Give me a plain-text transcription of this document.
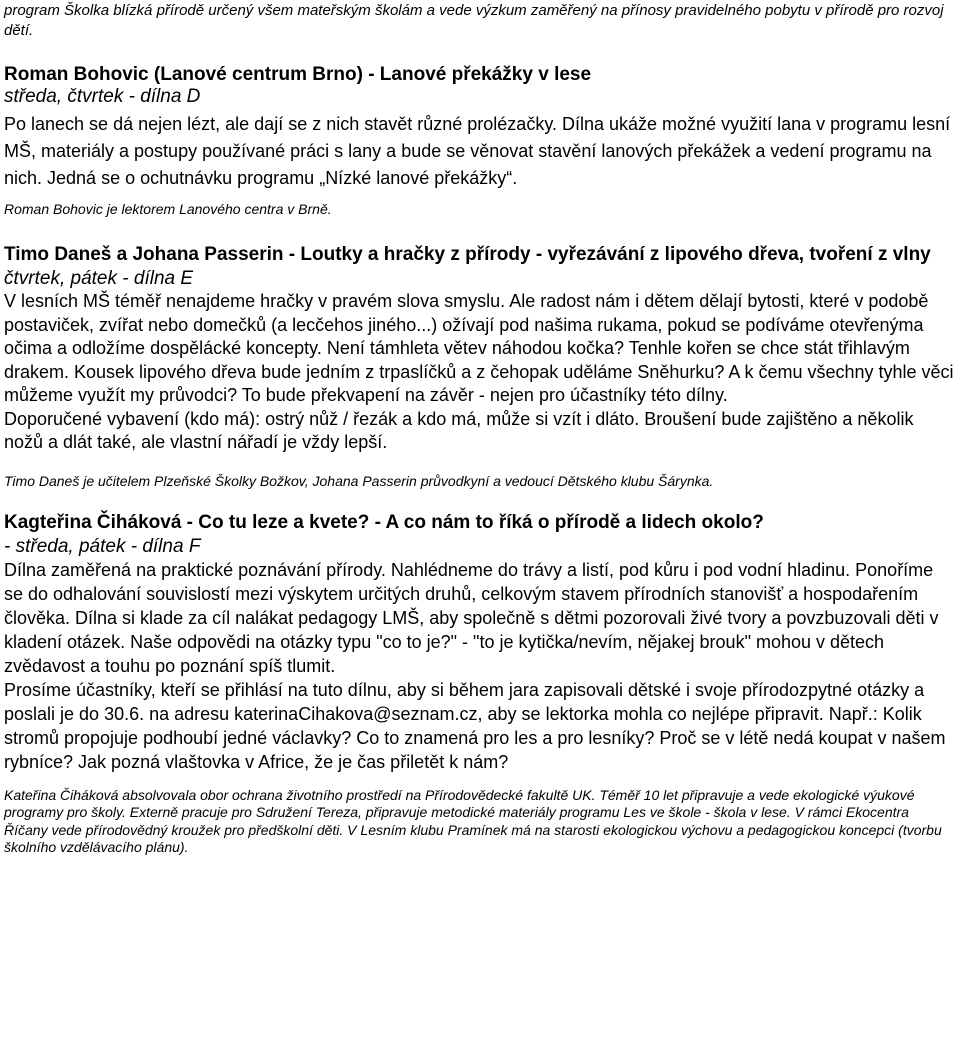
program Školka blízká přírodě určený všem mateřským školám a vede výzkum zaměřený na přínosy pravidelného pobytu v přírodě pro rozvoj dětí.

Roman Bohovic (Lanové centrum Brno) - Lanové překážky v lese

středa, čtvrtek - dílna D

Po lanech se dá nejen lézt, ale dají se z nich stavět různé prolézačky. Dílna ukáže možné využití lana v programu lesní MŠ, materiály a postupy používané práci s lany a bude se věnovat stavění lanových překážek a vedení programu na nich. Jedná se o ochutnávku programu „Nízké lanové překážky“.

Roman Bohovic je lektorem Lanového centra v Brně.

Timo Daneš a Johana Passerin - Loutky a hračky z přírody - vyřezávání z lipového dřeva, tvoření z vlny

čtvrtek, pátek - dílna E

V lesních MŠ téměř nenajdeme hračky v pravém slova smyslu. Ale radost nám i dětem dělají bytosti, které v podobě postaviček, zvířat nebo domečků (a lecčehos jiného...) ožívají pod našima rukama, pokud se podíváme otevřenýma očima a odložíme dospělácké koncepty. Není támhleta větev náhodou kočka? Tenhle kořen se chce stát třihlavým drakem. Kousek lipového dřeva bude jedním z trpaslíčků a z čehopak uděláme Sněhurku? A k čemu všechny tyhle věci můžeme využít my průvodci? To bude překvapení na závěr - nejen pro účastníky této dílny.

Doporučené vybavení (kdo má): ostrý nůž / řezák a kdo má, může si vzít i dláto. Broušení bude zajištěno a několik nožů a dlát také, ale vlastní nářadí je vždy lepší.

Timo Daneš je učitelem Plzeňské Školky Božkov, Johana Passerin průvodkyní a vedoucí Dětského klubu Šárynka.

Kagteřina Čiháková - Co tu leze a kvete? - A co nám to říká o přírodě a lidech okolo?

- středa, pátek - dílna F

Dílna zaměřená na praktické poznávání přírody. Nahlédneme do trávy a listí, pod kůru i pod vodní hladinu. Ponoříme se do odhalování souvislostí mezi výskytem určitých druhů, celkovým stavem přírodních stanovišť a hospodařením člověka. Dílna si klade za cíl nalákat pedagogy LMŠ, aby společně s dětmi pozorovali živé tvory a povzbuzovali děti v kladení otázek. Naše odpovědi na otázky typu "co to je?" - "to je kytička/nevím, nějakej brouk" mohou v dětech zvědavost a touhu po poznání spíš tlumit.

Prosíme účastníky, kteří se přihlásí na tuto dílnu, aby si během jara zapisovali dětské i svoje přírodozpytné otázky a poslali je do 30.6. na adresu katerinaCihakova@seznam.cz, aby se lektorka mohla co nejlépe připravit. Např.: Kolik stromů propojuje podhoubí jedné václavky? Co to znamená pro les a pro lesníky? Proč se v létě nedá koupat v našem rybníce? Jak pozná vlaštovka v Africe, že je čas přiletět k nám?

Kateřina Čiháková absolvovala obor ochrana životního prostředí na Přírodovědecké fakultě UK. Téměř 10 let připravuje a vede ekologické výukové programy pro školy. Externě pracuje pro Sdružení Tereza, připravuje metodické materiály programu Les ve škole - škola v lese. V rámci Ekocentra Říčany vede přírodovědný kroužek pro předškolní děti. V Lesním klubu Pramínek má na starosti ekologickou výchovu a pedagogickou koncepci (tvorbu školního vzdělávacího plánu).
